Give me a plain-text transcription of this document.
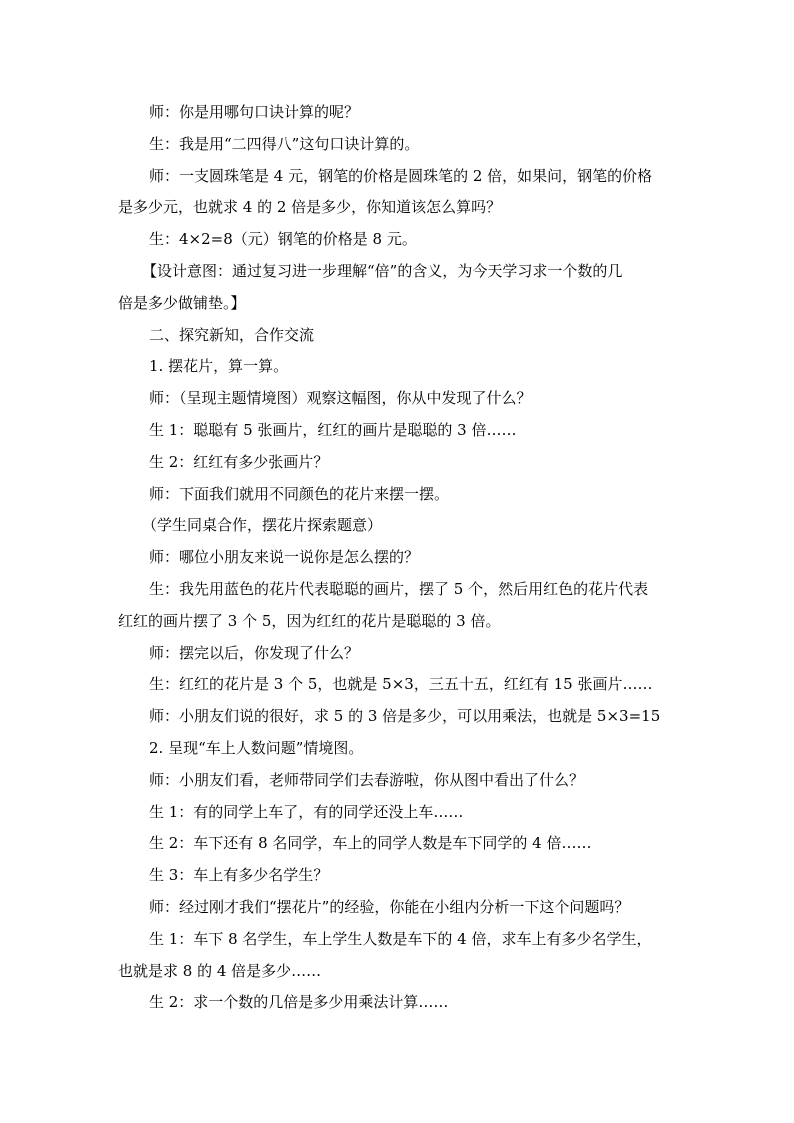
师：你是用哪句口诀计算的呢？
生：我是用“二四得八”这句口诀计算的。
师：一支圆珠笔是 4 元，钢笔的价格是圆珠笔的 2 倍，如果问，钢笔的价格
是多少元，也就求 4 的 2 倍是多少，你知道该怎么算吗？
生：4×2=8（元）钢笔的价格是 8 元。
【设计意图：通过复习进一步理解“倍”的含义，为今天学习求一个数的几
倍是多少做铺垫。】
二、探究新知，合作交流
1. 摆花片，算一算。
师：（呈现主题情境图）观察这幅图，你从中发现了什么？
生 1：聪聪有 5 张画片，红红的画片是聪聪的 3 倍……
生 2：红红有多少张画片？
师：下面我们就用不同颜色的花片来摆一摆。
（学生同桌合作，摆花片探索题意）
师：哪位小朋友来说一说你是怎么摆的？
生：我先用蓝色的花片代表聪聪的画片，摆了 5 个，然后用红色的花片代表
红红的画片摆了 3 个 5，因为红红的花片是聪聪的 3 倍。
师：摆完以后，你发现了什么？
生：红红的花片是 3 个 5，也就是 5×3，三五十五，红红有 15 张画片……
师：小朋友们说的很好，求 5 的 3 倍是多少，可以用乘法，也就是 5×3=15
2. 呈现“车上人数问题”情境图。
师：小朋友们看，老师带同学们去春游啦，你从图中看出了什么？
生 1：有的同学上车了，有的同学还没上车……
生 2：车下还有 8 名同学，车上的同学人数是车下同学的 4 倍……
生 3：车上有多少名学生？
师：经过刚才我们“摆花片”的经验，你能在小组内分析一下这个问题吗？
生 1：车下 8 名学生，车上学生人数是车下的 4 倍，求车上有多少名学生，
也就是求 8 的 4 倍是多少……
生 2：求一个数的几倍是多少用乘法计算……
